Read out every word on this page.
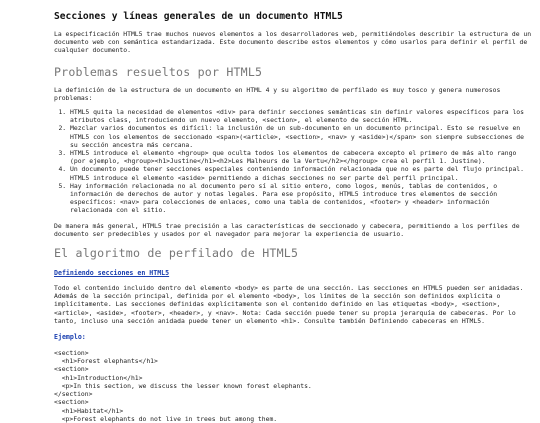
Secciones y líneas generales de un documento HTML5

La especificación HTML5 trae muchos nuevos elementos a los desarrolladores web, permitiéndoles describir la estructura de un documento web con semántica estandarizada. Este documento describe estos elementos y cómo usarlos para definir el perfil de cualquier documento.

Problemas resueltos por HTML5

La definición de la estructura de un documento en HTML 4 y su algoritmo de perfilado es muy tosco y genera numerosos problemas:

1. HTML5 quita la necesidad de elementos <div> para definir secciones semánticas sin definir valores específicos para los atributos class, introduciendo un nuevo elemento, <section>, el elemento de sección HTML.
2. Mezclar varios documentos es difícil: la inclusión de un sub-documento en un documento principal. Esto se resuelve en HTML5 con los elementos de seccionado <span>(<article>, <section>, <nav> y <aside>)</span> son siempre subsecciones de su sección ancestra más cercana.
3. HTML5 introduce el elemento <hgroup> que oculta todos los elementos de cabecera excepto el primero de más alto rango (por ejemplo, <hgroup><h1>Justine</h1><h2>Les Malheurs de la Vertu</h2></hgroup> crea el perfil 1. Justine).
4. Un documento puede tener secciones especiales conteniendo información relacionada que no es parte del flujo principal. HTML5 introduce el elemento <aside> permitiendo a dichas secciones no ser parte del perfil principal.
5. Hay información relacionada no al documento pero sí al sitio entero, como logos, menús, tablas de contenidos, o información de derechos de autor y notas legales. Para ese propósito, HTML5 introduce tres elementos de sección específicos: <nav> para colecciones de enlaces, como una tabla de contenidos, <footer> y <header> información relacionada con el sitio.

De manera más general, HTML5 trae precisión a las características de seccionado y cabecera, permitiendo a los perfiles de documento ser predecibles y usados por el navegador para mejorar la experiencia de usuario.

El algoritmo de perfilado de HTML5
Definiendo secciones en HTML5

Todo el contenido incluido dentro del elemento <body> es parte de una sección. Las secciones en HTML5 pueden ser anidadas. Además de la sección principal, definida por el elemento <body>, los límites de la sección son definidos explícita o implícitamente. Las secciones definidas explícitamente son el contenido definido en las etiquetas <body>, <section>, <article>, <aside>, <footer>, <header>, y <nav>. Nota: Cada sección puede tener su propia jerarquía de cabeceras. Por lo tanto, incluso una sección anidada puede tener un elemento <h1>. Consulte también Definiendo cabeceras en HTML5.

Ejemplo:
<section>
<h1>Forest elephants</h1>
<section>
<h1>Introduction</h1>
<p>In this section, we discuss the lesser known forest elephants.
</section>
<section>
<h1>Habitat</h1>
<p>Forest elephants do not live in trees but among them.
